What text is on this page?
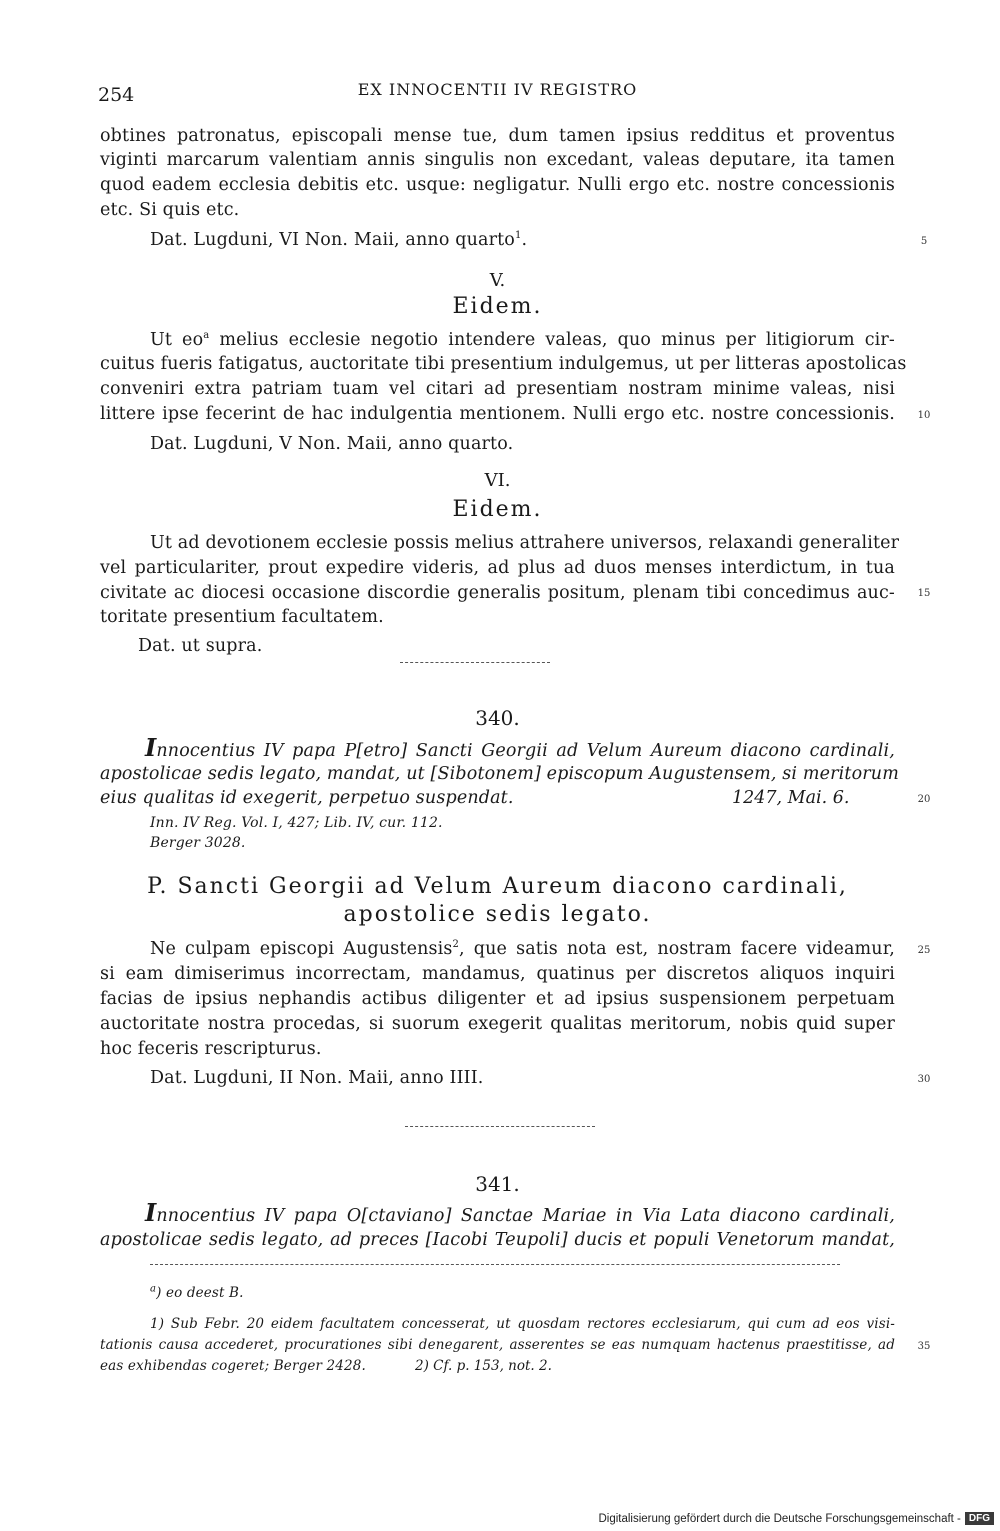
254	EX INNOCENTII IV REGISTRO
obtines patronatus, episcopali mense tue, dum tamen ipsius redditus et proventus
viginti marcarum valentiam annis singulis non excedant, valeas deputare, ita tamen
quod eadem ecclesia debitis etc. usque: negligatur. Nulli ergo etc. nostre concessionis
etc. Si quis etc.
Dat. Lugduni, VI Non. Maii, anno quarto$^1$.	5
V.
Eidem.
Ut $eo^a$ melius ecclesie negotio intendere valeas, quo minus per litigiorum cir-
cuitus fueris fatigatus, auctoritate tibi presentium indulgemus, ut per litteras apostolicas
conveniri extra patriam tuam vel citari ad presentiam nostram minime valeas, nisi
littere ipse fecerint de hac indulgentia mentionem. Nulli ergo etc. nostre concessionis.	10
Dat. Lugduni, V Non. Maii, anno quarto.
VI.
Eidem.
Ut ad devotionem ecclesie possis melius attrahere universos, relaxandi generaliter
vel particulariter, prout expedire videris, ad plus ad duos menses interdictum, in tua
civitate ac diocesi occasione discordie generalis positum, plenam tibi concedimus auc-	15
toritate presentium facultatem.
Dat. ut supra.
340.
Innocentius IV papa P[etro] Sancti Georgii ad Velum Aureum diacono cardinali,
apostolicae sedis legato, mandat, ut [Sibotonem] episcopum Augustensem, si meritorum
eius qualitas id exegerit, perpetuo suspendat.	1247, Mai. 6.	20
Inn. IV Reg. Vol. I, 427; Lib. IV, cur. 112.
Berger 3028.
P. Sancti Georgii ad Velum Aureum diacono cardinali,
apostolice sedis legato.
Ne culpam episcopi Augustensis$^2$, que satis nota est, nostram facere videamur,	25
si eam dimiserimus incorrectam, mandamus, quatinus per discretos aliquos inquiri
facias de ipsius nephandis actibus diligenter et ad ipsius suspensionem perpetuam
auctoritate nostra procedas, si suorum exegerit qualitas meritorum, nobis quid super
hoc feceris rescripturus.
Dat. Lugduni, II Non. Maii, anno IIII.	30
341.
Innocentius IV papa O[ctaviano] Sanctae Mariae in Via Lata diacono cardinali,
apostolicae sedis legato, ad preces [Iacobi Teupoli] ducis et populi Venetorum mandat,
$^a$) eo deest B.
1) Sub Febr. 20 eidem facultatem concesserat, ut quosdam rectores ecclesiarum, qui cum ad eos visi-
tationis causa accederet, procurationes sibi denegarent, asserentes se eas numquam hactenus praestitisse, ad	35
eas exhibendas cogeret; Berger 2428.	2) Cf. p. 153, not. 2.
Digitalisierung gefördert durch die Deutsche Forschungsgemeinschaft - DFG
